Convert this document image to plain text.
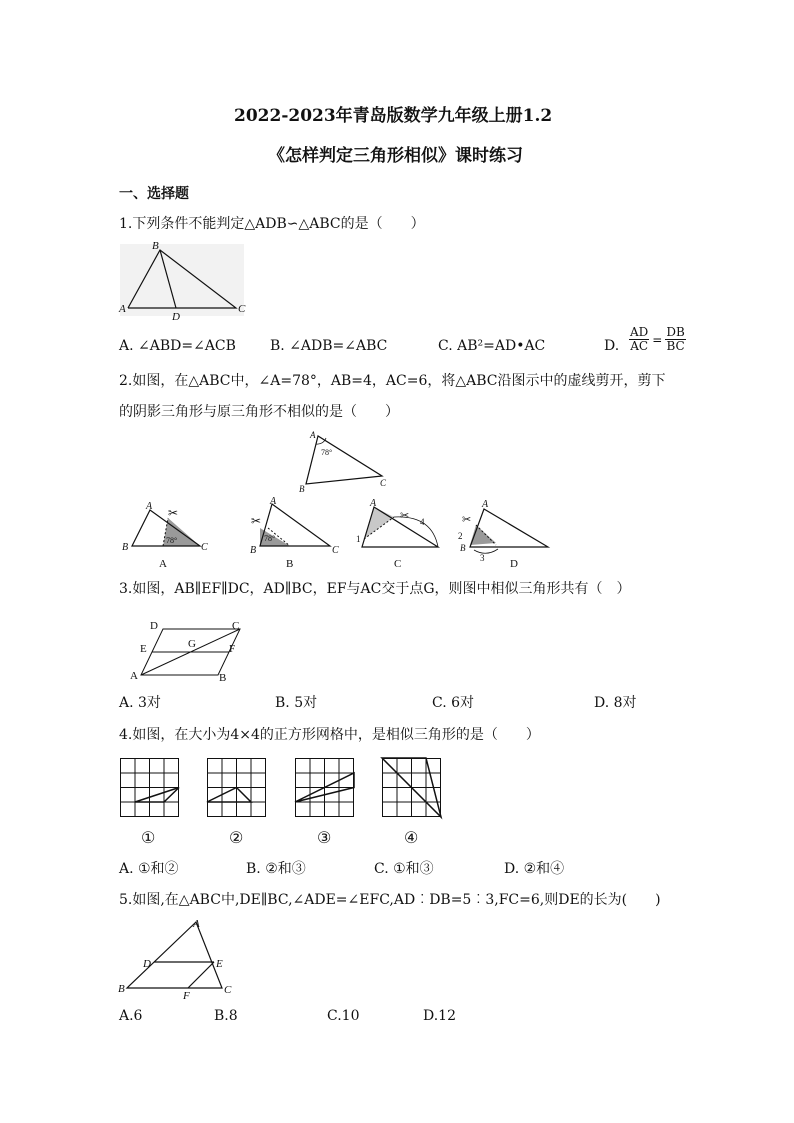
2022-2023年青岛版数学九年级上册1.2
《怎样判定三角形相似》课时练习
一、选择题
1.下列条件不能判定△ADB∽△ABC的是（　　）
B
A
D
C
A. ∠ABD=∠ACB B. ∠ADB=∠ABC	C. AB²=AD•AC	D. $\frac{AD}{AC} = \frac{DB}{BC}$
2.如图，在△ABC中，∠A=78°，AB=4，AC=6，将△ABC沿图示中的虚线剪开，剪下
的阴影三角形与原三角形不相似的是（　　）
A
78°
B
C
✂
A
B	C
78°
A
✂
A
B	C
78°
B
✂
A
1
4
C
✂
A
B
2
3 D
3.如图，AB∥EF∥DC，AD∥BC，EF与AC交于点G，则图中相似三角形共有（　）
D	C
G
E	F
A	B
A. 3对	B. 5对	C. 6对	D. 8对
4.如图，在大小为4×4的正方形网格中，是相似三角形的是（　　）
①	②	③	④
A. ①和②	B. ②和③	C. ①和③	D. ②和④
5.如图,在△ABC中,DE∥BC,∠ADE=∠EFC,AD︰DB=5︰3,FC=6,则DE的长为(　　)
A
D	E
B
F	C
A.6	B.8	C.10	D.12
